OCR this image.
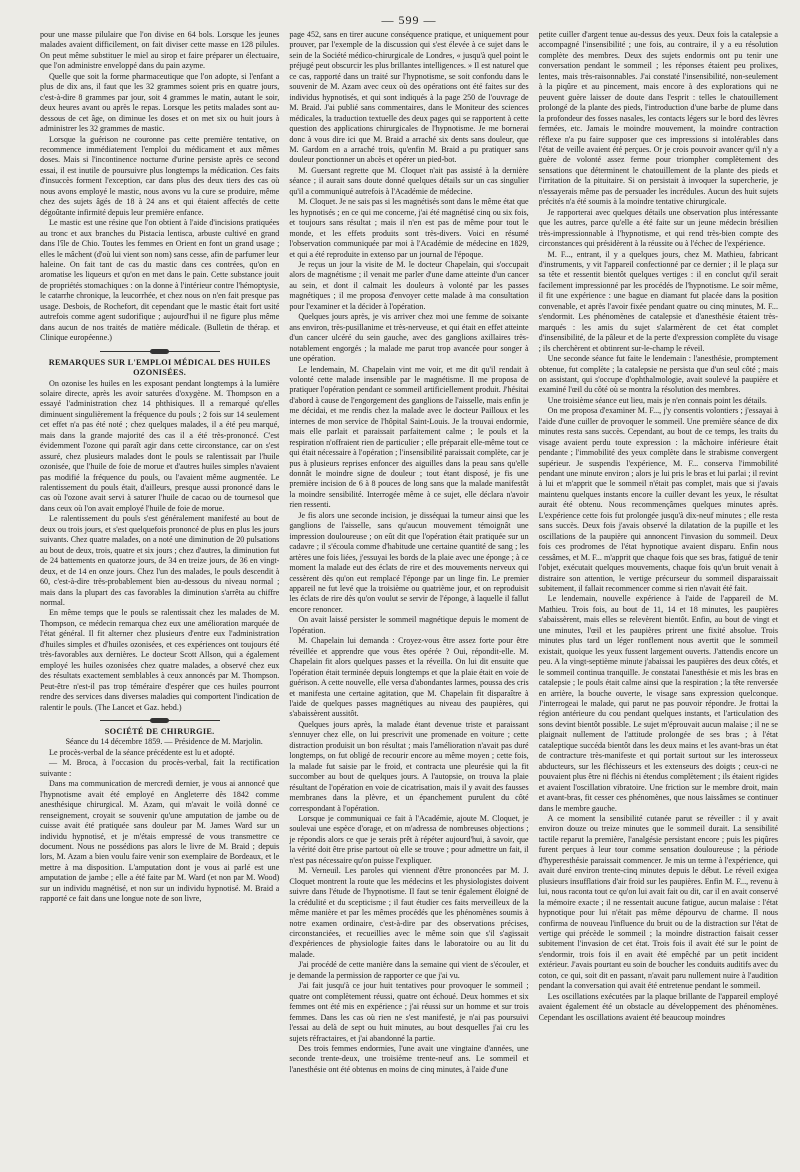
— 599 —

pour une masse pilulaire que l'on divise en 64 bols. Lorsque les jeunes malades avaient difficilement, on fait diviser cette masse en 128 pilules. On peut même substituer le miel au sirop et faire préparer un électuaire, que l'on administre enveloppé dans du pain azyme.

Quelle que soit la forme pharmaceutique que l'on adopte, si l'enfant a plus de dix ans, il faut que les 32 grammes soient pris en quatre jours, c'est-à-dire 8 grammes par jour, soit 4 grammes le matin, autant le soir, deux heures avant ou après le repas. Lorsque les petits malades sont au-dessous de cet âge, on diminue les doses et on met six ou huit jours à administrer les 32 grammes de mastic.

Lorsque la guérison ne couronne pas cette première tentative, on recommence immédiatement l'emploi du médicament et aux mêmes doses. Mais si l'incontinence nocturne d'urine persiste après ce second essai, il est inutile de poursuivre plus longtemps la médication. Ces faits d'insuccès forment l'exception, car dans plus des deux tiers des cas où nous avons employé le mastic, nous avons vu la cure se produire, même chez des sujets âgés de 18 à 24 ans et qui étaient affectés de cette dégoûtante infirmité depuis leur première enfance.

Le mastic est une résine que l'on obtient à l'aide d'incisions pratiquées au tronc et aux branches du Pistacia lentisca, arbuste cultivé en grand dans l'île de Chio. Toutes les femmes en Orient en font un grand usage ; elles le mâchent (d'où lui vient son nom) sans cesse, afin de parfumer leur haleine. On fait tant de cas du mastic dans ces contrées, qu'on en aromatise les liqueurs et qu'on en met dans le pain. Cette substance jouit de propriétés stomachiques : on la donne à l'intérieur contre l'hémoptysie, le catarrhe chronique, la leucorrhée, et chez nous on n'en fait presque pas usage. Desbois, de Rochefort, dit cependant que le mastic était fort usité autrefois comme agent sudorifique ; aujourd'hui il ne figure plus même dans aucun de nos traités de matière médicale. (Bulletin de thérap. et Clinique européenne.)

REMARQUES SUR L'EMPLOI MÉDICAL DES HUILES OZONISÉES.

On ozonise les huiles en les exposant pendant longtemps à la lumière solaire directe, après les avoir saturées d'oxygène. M. Thompson en a essayé l'administration chez 14 phthisiques. Il a remarqué qu'elles diminuent singulièrement la fréquence du pouls ; 2 fois sur 14 seulement cet effet n'a pas été noté ; chez quelques malades, il a été peu marqué, mais dans la grande majorité des cas il a été très-prononcé. C'est évidemment l'ozone qui paraît agir dans cette circonstance, car on s'est assuré, chez plusieurs malades dont le pouls se ralentissait par l'huile ozonisée, que l'huile de foie de morue et d'autres huiles simples n'avaient pas modifié la fréquence du pouls, ou l'avaient même augmentée. Le ralentissement du pouls était, d'ailleurs, presque aussi prononcé dans le cas où l'ozone avait servi à saturer l'huile de cacao ou de tournesol que dans ceux où l'on avait employé l'huile de foie de morue.

Le ralentissement du pouls s'est généralement manifesté au bout de deux ou trois jours, et s'est quelquefois prononcé de plus en plus les jours suivants. Chez quatre malades, on a noté une diminution de 20 pulsations au bout de deux, trois, quatre et six jours ; chez d'autres, la diminution fut de 24 battements en quatorze jours, de 34 en treize jours, de 36 en vingt-deux, et de 14 en onze jours. Chez l'un des malades, le pouls descendit à 60, c'est-à-dire très-probablement bien au-dessous du niveau normal ; mais dans la plupart des cas favorables la diminution s'arrêta au chiffre normal.

En même temps que le pouls se ralentissait chez les malades de M. Thompson, ce médecin remarqua chez eux une amélioration marquée de l'état général. Il fit alterner chez plusieurs d'entre eux l'administration d'huiles simples et d'huiles ozonisées, et ces expériences ont toujours été très-favorables aux dernières. Le docteur Scott Allson, qui a également employé les huiles ozonisées chez quatre malades, a observé chez eux des résultats exactement semblables à ceux annoncés par M. Thompson. Peut-être n'est-il pas trop téméraire d'espérer que ces huiles pourront rendre des services dans diverses maladies qui comportent l'indication de ralentir le pouls. (The Lancet et Gaz. hebd.)

SOCIÉTÉ DE CHIRURGIE.

Séance du 14 décembre 1859. — Présidence de M. Marjolin.

Le procès-verbal de la séance précédente est lu et adopté.

— M. Broca, à l'occasion du procès-verbal, fait la rectification suivante :

Dans ma communication de mercredi dernier, je vous ai annoncé que l'hypnotisme avait été employé en Angleterre dès 1842 comme anesthésique chirurgical. M. Azam, qui m'avait le voilà donné ce renseignement, croyait se souvenir qu'une amputation de jambe ou de cuisse avait été pratiquée sans douleur par M. James Ward sur un individu hypnotisé, et je m'étais empressé de vous transmettre ce document. Nous ne possédions pas alors le livre de M. Braid ; depuis lors, M. Azam a bien voulu faire venir son exemplaire de Bordeaux, et le mettre à ma disposition. L'amputation dont je vous ai parlé est une amputation de jambe ; elle a été faite par M. Ward (et non par M. Wood) sur un individu magnétisé, et non sur un individu hypnotisé. M. Braid a rapporté ce fait dans une longue note de son livre,

page 452, sans en tirer aucune conséquence pratique, et uniquement pour prouver, par l'exemple de la discussion qui s'est élevée à ce sujet dans le sein de la Société médico-chirurgicale de Londres, « jusqu'à quel point le préjugé peut obscurcir les plus brillantes intelligences. » Il est naturel que ce cas, rapporté dans un traité sur l'hypnotisme, se soit confondu dans le souvenir de M. Azam avec ceux où des opérations ont été faites sur des individus hypnotisés, et qui sont indiqués à la page 250 de l'ouvrage de M. Braid. J'ai publié sans commentaires, dans le Moniteur des sciences médicales, la traduction textuelle des deux pages qui se rapportent à cette question des applications chirurgicales de l'hypnotisme. Je me bornerai donc à vous dire ici que M. Braid a arraché six dents sans douleur, que M. Gardom en a arraché trois, qu'enfin M. Braid a pu pratiquer sans douleur ponctionner un abcès et opérer un pied-bot.

M. Guersant regrette que M. Cloquet n'ait pas assisté à la dernière séance ; il aurait sans doute donné quelques détails sur un cas singulier qu'il a communiqué autrefois à l'Académie de médecine.

M. Cloquet. Je ne sais pas si les magnétisés sont dans le même état que les hypnotisés ; en ce qui me concerne, j'ai été magnétisé cinq ou six fois, et toujours sans résultat ; mais il n'en est pas de même pour tout le monde, et les effets produits sont très-divers. Voici en résumé l'observation communiquée par moi à l'Académie de médecine en 1829, et qui a été reproduite in extenso par un journal de l'époque.

Je reçus un jour la visite de M. le docteur Chapelain, qui s'occupait alors de magnétisme ; il venait me parler d'une dame atteinte d'un cancer au sein, et dont il calmait les douleurs à volonté par les passes magnétiques ; il me proposa d'envoyer cette malade à ma consultation pour l'examiner et la décider à l'opération.

Quelques jours après, je vis arriver chez moi une femme de soixante ans environ, très-pusillanime et très-nerveuse, et qui était en effet atteinte d'un cancer ulcéré du sein gauche, avec des ganglions axillaires très-notablement engorgés ; la malade me parut trop avancée pour songer à une opération.

Le lendemain, M. Chapelain vint me voir, et me dit qu'il rendait à volonté cette malade insensible par le magnétisme. Il me proposa de pratiquer l'opération pendant ce sommeil artificiellement produit. J'hésitai d'abord à cause de l'engorgement des ganglions de l'aisselle, mais enfin je me décidai, et me rendis chez la malade avec le docteur Pailloux et les internes de mon service de l'hôpital Saint-Louis. Je la trouvai endormie, mais elle parlait et paraissait parfaitement calme ; le pouls et la respiration n'offraient rien de particulier ; elle préparait elle-même tout ce qui était nécessaire à l'opération ; l'insensibilité paraissait complète, car je pus à plusieurs reprises enfoncer des aiguilles dans la peau sans qu'elle donnât le moindre signe de douleur ; tout étant disposé, je fis une première incision de 6 à 8 pouces de long sans que la malade manifestât la moindre sensibilité. Interrogée même à ce sujet, elle déclara n'avoir rien ressenti.

Je fis alors une seconde incision, je disséquai la tumeur ainsi que les ganglions de l'aisselle, sans qu'aucun mouvement témoignât une impression douloureuse ; on eût dit que l'opération était pratiquée sur un cadavre ; il s'écoula comme d'habitude une certaine quantité de sang ; les artères une fois liées, j'essuyai les bords de la plaie avec une éponge ; à ce moment la malade eut des éclats de rire et des mouvements nerveux qui cessèrent dès qu'on eut remplacé l'éponge par un linge fin. Le premier appareil ne fut levé que la troisième ou quatrième jour, et on reproduisit les éclats de rire dès qu'on voulut se servir de l'éponge, à laquelle il fallut encore renoncer.

On avait laissé persister le sommeil magnétique depuis le moment de l'opération.

M. Chapelain lui demanda : Croyez-vous être assez forte pour être réveillée et apprendre que vous êtes opérée ? Oui, répondit-elle. M. Chapelain fit alors quelques passes et la réveilla. On lui dit ensuite que l'opération était terminée depuis longtemps et que la plaie était en voie de guérison. A cette nouvelle, elle versa d'abondantes larmes, poussa des cris et manifesta une certaine agitation, que M. Chapelain fit disparaître à l'aide de quelques passes magnétiques au niveau des paupières, qui s'abaissèrent aussitôt.

Quelques jours après, la malade étant devenue triste et paraissant s'ennuyer chez elle, on lui prescrivit une promenade en voiture ; cette distraction produisit un bon résultat ; mais l'amélioration n'avait pas duré longtemps, on fut obligé de recourir encore au même moyen ; cette fois, la malade fut saisie par le froid, et contracta une pleurésie qui la fit succomber au bout de quelques jours. A l'autopsie, on trouva la plaie résultant de l'opération en voie de cicatrisation, mais il y avait des fausses membranes dans la plèvre, et un épanchement purulent du côté correspondant à l'opération.

Lorsque je communiquai ce fait à l'Académie, ajoute M. Cloquet, je soulevai une espèce d'orage, et on m'adressa de nombreuses objections ; je répondis alors ce que je serais prêt à répéter aujourd'hui, à savoir, que la vérité doit être prise partout où elle se trouve ; pour admettre un fait, il n'est pas nécessaire qu'on puisse l'expliquer.

M. Verneuil. Les paroles qui viennent d'être prononcées par M. J. Cloquet montrent la route que les médecins et les physiologistes doivent suivre dans l'étude de l'hypnotisme. Il faut se tenir également éloigné de la crédulité et du scepticisme ; il faut étudier ces faits merveilleux de la même manière et par les mêmes procédés que les phénomènes soumis à notre examen ordinaire, c'est-à-dire par des observations précises, circonstanciées, et recueillies avec le même soin que s'il s'agissait d'expériences de physiologie faites dans le laboratoire ou au lit du malade.

J'ai procédé de cette manière dans la semaine qui vient de s'écouler, et je demande la permission de rapporter ce que j'ai vu.

J'ai fait jusqu'à ce jour huit tentatives pour provoquer le sommeil ; quatre ont complètement réussi, quatre ont échoué. Deux hommes et six femmes ont été mis en expérience ; j'ai réussi sur un homme et sur trois femmes. Dans les cas où rien ne s'est manifesté, je n'ai pas poursuivi l'essai au delà de sept ou huit minutes, au bout desquelles j'ai cru les sujets réfractaires, et j'ai abandonné la partie.

Des trois femmes endormies, l'une avait une vingtaine d'années, une seconde trente-deux, une troisième trente-neuf ans. Le sommeil et l'anesthésie ont été obtenus en moins de cinq minutes, à l'aide d'une

petite cuiller d'argent tenue au-dessus des yeux. Deux fois la catalepsie a accompagné l'insensibilité ; une fois, au contraire, il y a eu résolution complète des membres. Deux des sujets endormis ont pu tenir une conversation pendant le sommeil ; les réponses étaient peu prolixes, lentes, mais très-raisonnables. J'ai constaté l'insensibilité, non-seulement à la piqûre et au pincement, mais encore à des explorations qui ne peuvent guère laisser de doute dans l'esprit : telles le chatouillement prolongé de la plante des pieds, l'introduction d'une barbe de plume dans la profondeur des fosses nasales, les contacts légers sur le bord des lèvres fermées, etc. Jamais le moindre mouvement, la moindre contraction réflexe n'a pu faire supposer que ces impressions si intolérables dans l'état de veille avaient été perçues. Or je crois pouvoir avancer qu'il n'y a guère de volonté assez ferme pour triompher complètement des sensations que déterminent le chatouillement de la plante des pieds et l'irritation de la pituitaire. Si on persistait à invoquer la supercherie, je n'essayerais même pas de persuader les incrédules. Aucun des huit sujets précités n'a été soumis à la moindre tentative chirurgicale.

Je rapporterai avec quelques détails une observation plus intéressante que les autres, parce qu'elle a été faite sur un jeune médecin brésilien très-impressionnable à l'hypnotisme, et qui rend très-bien compte des circonstances qui présidèrent à la réussite ou à l'échec de l'expérience.

M. F..., entrant, il y a quelques jours, chez M. Mathieu, fabricant d'instruments, y vit l'appareil confectionné par ce dernier ; il le plaça sur sa tête et ressentit bientôt quelques vertiges : il en conclut qu'il serait facilement impressionné par les procédés de l'hypnotisme. Le soir même, il fit une expérience : une bague en diamant fut placée dans la position convenable, et après l'avoir fixée pendant quatre ou cinq minutes, M. F... s'endormit. Les phénomènes de catalepsie et d'anesthésie étaient très-marqués : les amis du sujet s'alarmèrent de cet état complet d'insensibilité, de la pâleur et de la perte d'expression complète du visage ; ils cherchèrent et obtinrent sur-le-champ le réveil.

Une seconde séance fut faite le lendemain : l'anesthésie, promptement obtenue, fut complète ; la catalepsie ne persista que d'un seul côté ; mais on assistant, qui s'occupe d'ophthalmologie, avait soulevé la paupière et examiné l'œil du côté où se montra la résolution des membres.

Une troisième séance eut lieu, mais je n'en connais point les détails.

On me proposa d'examiner M. F..., j'y consentis volontiers ; j'essayai à l'aide d'une cuiller de provoquer le sommeil. Une première séance de dix minutes resta sans succès. Cependant, au bout de ce temps, les traits du visage avaient perdu toute expression : la mâchoire inférieure était pendante ; l'immobilité des yeux complète dans le strabisme convergent supérieur. Je suspendis l'expérience, M. F... conserva l'immobilité pendant une minute environ ; alors je lui pris le bras et lui parlai ; il revint à lui et m'apprit que le sommeil n'était pas complet, mais que si j'avais maintenu quelques instants encore la cuiller devant les yeux, le résultat aurait été obtenu. Nous recommençâmes quelques minutes après. L'expérience cette fois fut prolongée jusqu'à dix-neuf minutes ; elle resta sans succès. Deux fois j'avais observé la dilatation de la pupille et les oscillations de la paupière qui annoncent l'invasion du sommeil. Deux fois ces prodromes de l'état hypnotique avaient disparu. Enfin nous cessâmes, et M. F... m'apprit que chaque fois que ses bras, fatigué de tenir l'objet, exécutait quelques mouvements, chaque fois qu'un bruit venait à distraire son attention, le vertige précurseur du sommeil disparaissait subitement, il fallait recommencer comme si rien n'avait été fait.

Le lendemain, nouvelle expérience à l'aide de l'appareil de M. Mathieu. Trois fois, au bout de 11, 14 et 18 minutes, les paupières s'abaissèrent, mais elles se relevèrent bientôt. Enfin, au bout de vingt et une minutes, l'œil et les paupières prirent une fixité absolue. Trois minutes plus tard un léger ronflement nous avertit que le sommeil existait, quoique les yeux fussent largement ouverts. J'attendis encore un peu. A la vingt-septième minute j'abaissai les paupières des deux côtés, et le sommeil continua tranquille. Je constatai l'anesthésie et mis les bras en catalepsie ; le pouls était calme ainsi que la respiration ; la tête renversée en arrière, la bouche ouverte, le visage sans expression quelconque. J'interrogeai le malade, qui parut ne pas pouvoir répondre. Je frottai la région antérieure du cou pendant quelques instants, et l'articulation des sons devint bientôt possible. Le sujet m'éprouvait aucun malaise ; il ne se plaignait nullement de l'attitude prolongée de ses bras ; à l'état cataleptique succéda bientôt dans les deux mains et les avant-bras un état de contracture très-manifeste et qui portait surtout sur les interosseux abducteurs, sur les fléchisseurs et les extenseurs des doigts ; ceux-ci ne pouvaient plus être ni fléchis ni étendus complètement ; ils étaient rigides et avaient l'oscillation vibratoire. Une friction sur le membre droit, main et avant-bras, fit cesser ces phénomènes, que nous laissâmes se continuer dans le membre gauche.

A ce moment la sensibilité cutanée parut se réveiller : il y avait environ douze ou treize minutes que le sommeil durait. La sensibilité tactile reparut la première, l'analgésie persistant encore ; puis les piqûres furent perçues à leur tour comme sensation douloureuse ; la période d'hyperesthésie paraissait commencer. Je mis un terme à l'expérience, qui avait duré environ trente-cinq minutes depuis le début. Le réveil exigea plusieurs insufflations d'air froid sur les paupières. Enfin M. F..., revenu à lui, nous raconta tout ce qu'on lui avait fait ou dit, car il en avait conservé la mémoire exacte ; il ne ressentait aucune fatigue, aucun malaise : l'état hypnotique pour lui n'était pas même dépourvu de charme. Il nous confirma de nouveau l'influence du bruit ou de la distraction sur l'état de vertige qui précède le sommeil ; la moindre distraction faisait cesser subitement l'invasion de cet état. Trois fois il avait été sur le point de s'endormir, trois fois il en avait été empêché par un petit incident extérieur. J'avais pourtant eu soin de boucher les conduits auditifs avec du coton, ce qui, soit dit en passant, n'avait paru nullement nuire à l'audition pendant la conversation qui avait été entretenue pendant le sommeil.

Les oscillations exécutées par la plaque brillante de l'appareil employé avaient également été un obstacle au développement des phénomènes. Cependant les oscillations avaient été beaucoup moindres
